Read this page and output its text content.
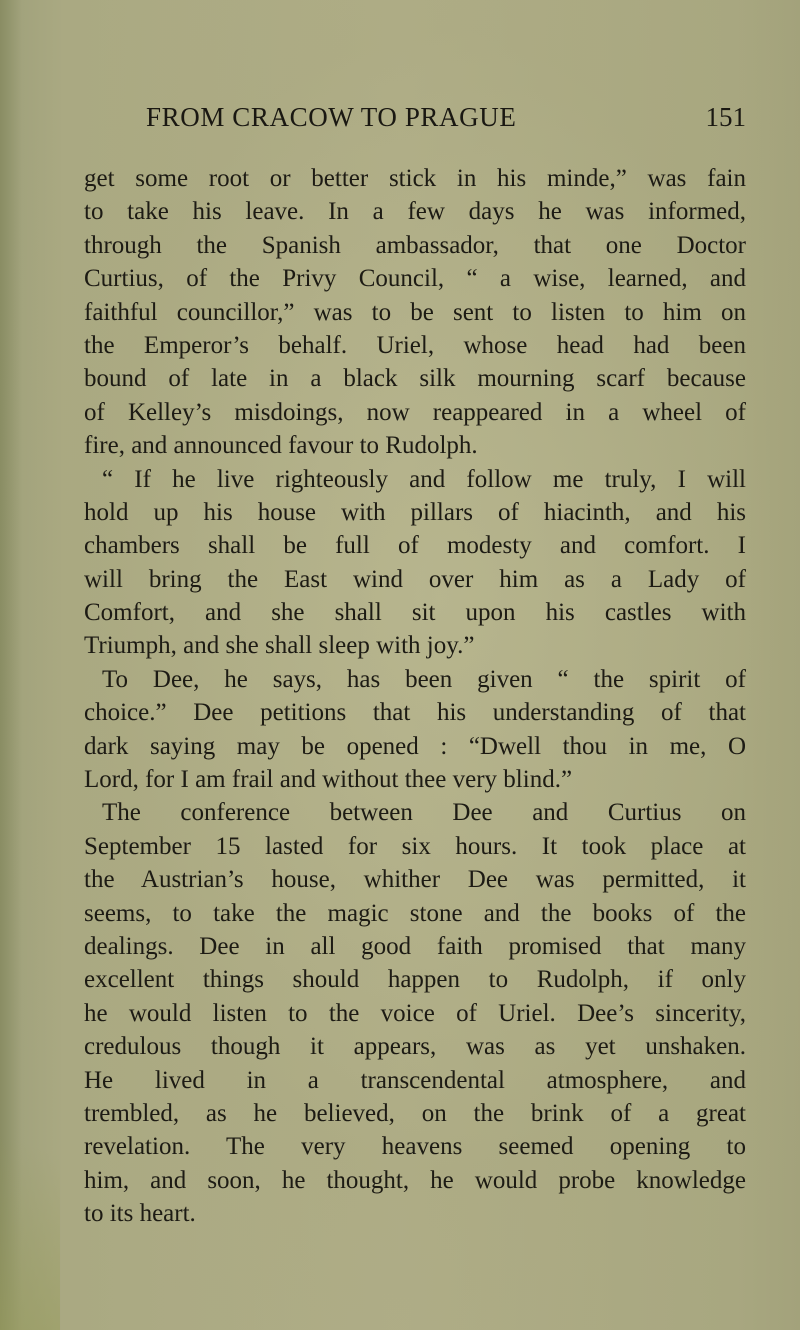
FROM CRACOW TO PRAGUE	151
get some root or better stick in his minde,” was fain
to take his leave. In a few days he was informed,
through the Spanish ambassador, that one Doctor
Curtius, of the Privy Council, “ a wise, learned, and
faithful councillor,” was to be sent to listen to him on
the Emperor’s behalf. Uriel, whose head had been
bound of late in a black silk mourning scarf because
of Kelley’s misdoings, now reappeared in a wheel of
fire, and announced favour to Rudolph.
“ If he live righteously and follow me truly, I will
hold up his house with pillars of hiacinth, and his
chambers shall be full of modesty and comfort. I
will bring the East wind over him as a Lady of
Comfort, and she shall sit upon his castles with
Triumph, and she shall sleep with joy.”
To Dee, he says, has been given “ the spirit of
choice.” Dee petitions that his understanding of that
dark saying may be opened : “Dwell thou in me, O
Lord, for I am frail and without thee very blind.”
The conference between Dee and Curtius on
September 15 lasted for six hours. It took place at
the Austrian’s house, whither Dee was permitted, it
seems, to take the magic stone and the books of the
dealings. Dee in all good faith promised that many
excellent things should happen to Rudolph, if only
he would listen to the voice of Uriel. Dee’s sincerity,
credulous though it appears, was as yet unshaken.
He lived in a transcendental atmosphere, and
trembled, as he believed, on the brink of a great
revelation. The very heavens seemed opening to
him, and soon, he thought, he would probe knowledge
to its heart.
